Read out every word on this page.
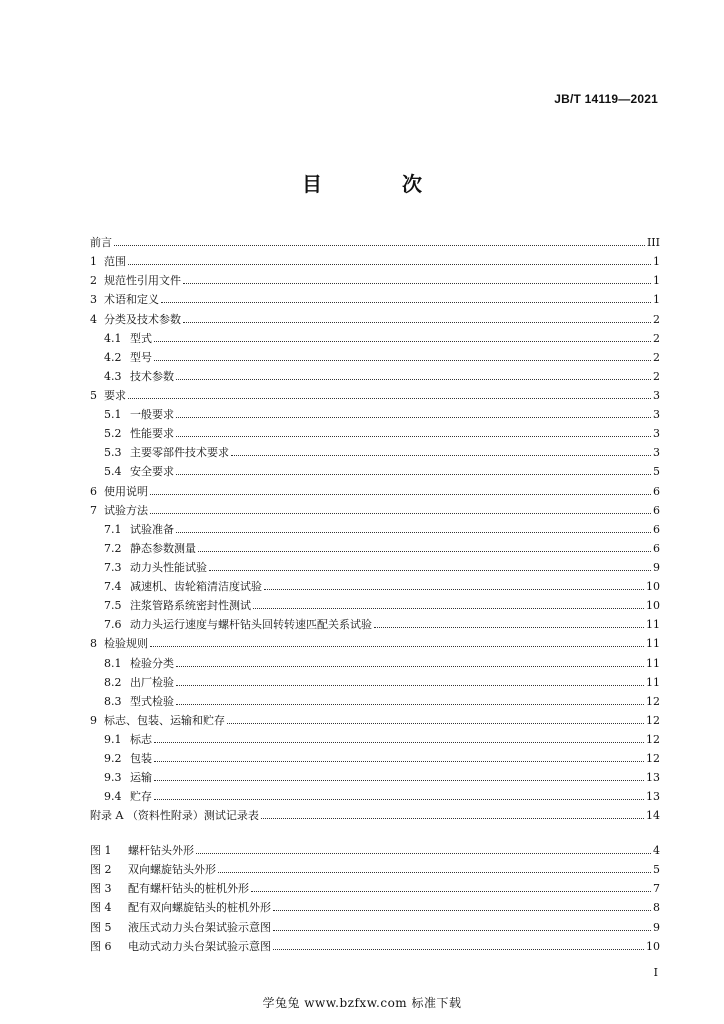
JB/T 14119—2021
目　次
前言	III
1 范围	1
2 规范性引用文件	1
3 术语和定义	1
4 分类及技术参数	2
4.1 型式	2
4.2 型号	2
4.3 技术参数	2
5 要求	3
5.1 一般要求	3
5.2 性能要求	3
5.3 主要零部件技术要求	3
5.4 安全要求	5
6 使用说明	6
7 试验方法	6
7.1 试验准备	6
7.2 静态参数测量	6
7.3 动力头性能试验	9
7.4 减速机、齿轮箱清洁度试验	10
7.5 注浆管路系统密封性测试	10
7.6 动力头运行速度与螺杆钻头回转转速匹配关系试验	11
8 检验规则	11
8.1 检验分类	11
8.2 出厂检验	11
8.3 型式检验	12
9 标志、包装、运输和贮存	12
9.1 标志	12
9.2 包装	12
9.3 运输	13
9.4 贮存	13
附录 A （资料性附录）测试记录表	14
图 1	螺杆钻头外形	4
图 2	双向螺旋钻头外形	5
图 3	配有螺杆钻头的桩机外形	7
图 4	配有双向螺旋钻头的桩机外形	8
图 5	液压式动力头台架试验示意图	9
图 6	电动式动力头台架试验示意图	10
I
学兔兔 www.bzfxw.com 标准下载
